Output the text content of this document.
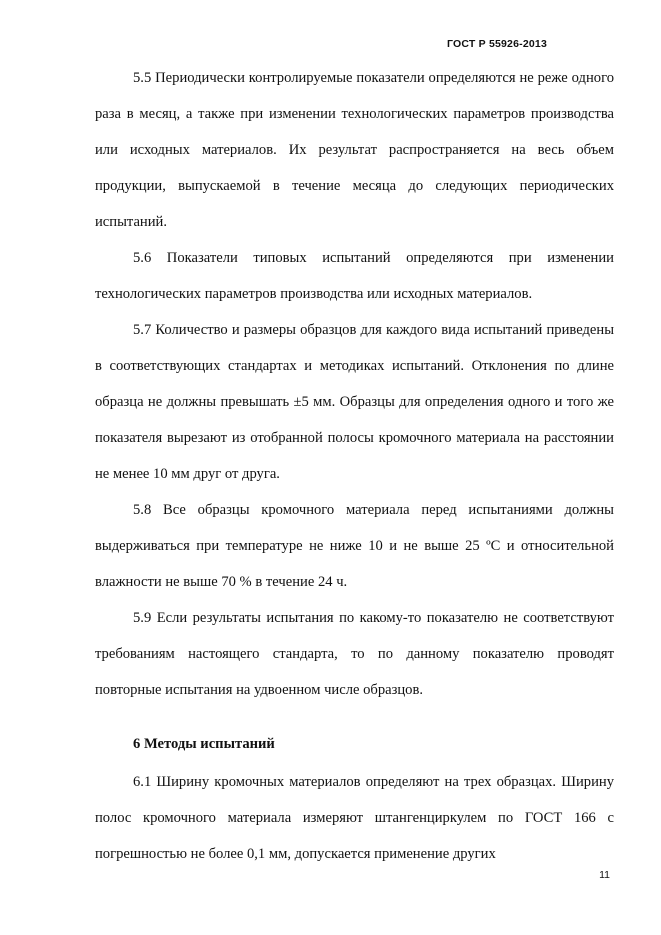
ГОСТ Р 55926-2013

5.5 Периодически контролируемые показатели определяются не реже одного раза в месяц, а также при изменении технологических параметров производства или исходных материалов. Их результат распространяется на весь объем продукции, выпускаемой в течение месяца до следующих периодических испытаний.

5.6 Показатели типовых испытаний определяются при изменении технологических параметров производства или исходных материалов.

5.7 Количество и размеры образцов для каждого вида испытаний приведены в соответствующих стандартах и методиках испытаний. Отклонения по длине образца не должны превышать ±5 мм. Образцы для определения одного и того же показателя вырезают из отобранной полосы кромочного материала на расстоянии не менее 10 мм друг от друга.

5.8 Все образцы кромочного материала перед испытаниями должны выдерживаться при температуре не ниже 10 и не выше 25 ºС и относительной влажности не выше 70 % в течение 24 ч.

5.9 Если результаты испытания по какому-то показателю не соответствуют требованиям настоящего стандарта, то по данному показателю проводят повторные испытания на удвоенном числе образцов.

6 Методы испытаний

6.1 Ширину кромочных материалов определяют на трех образцах. Ширину полос кромочного материала измеряют штангенциркулем по ГОСТ 166 с погрешностью не более 0,1 мм, допускается применение других

11
